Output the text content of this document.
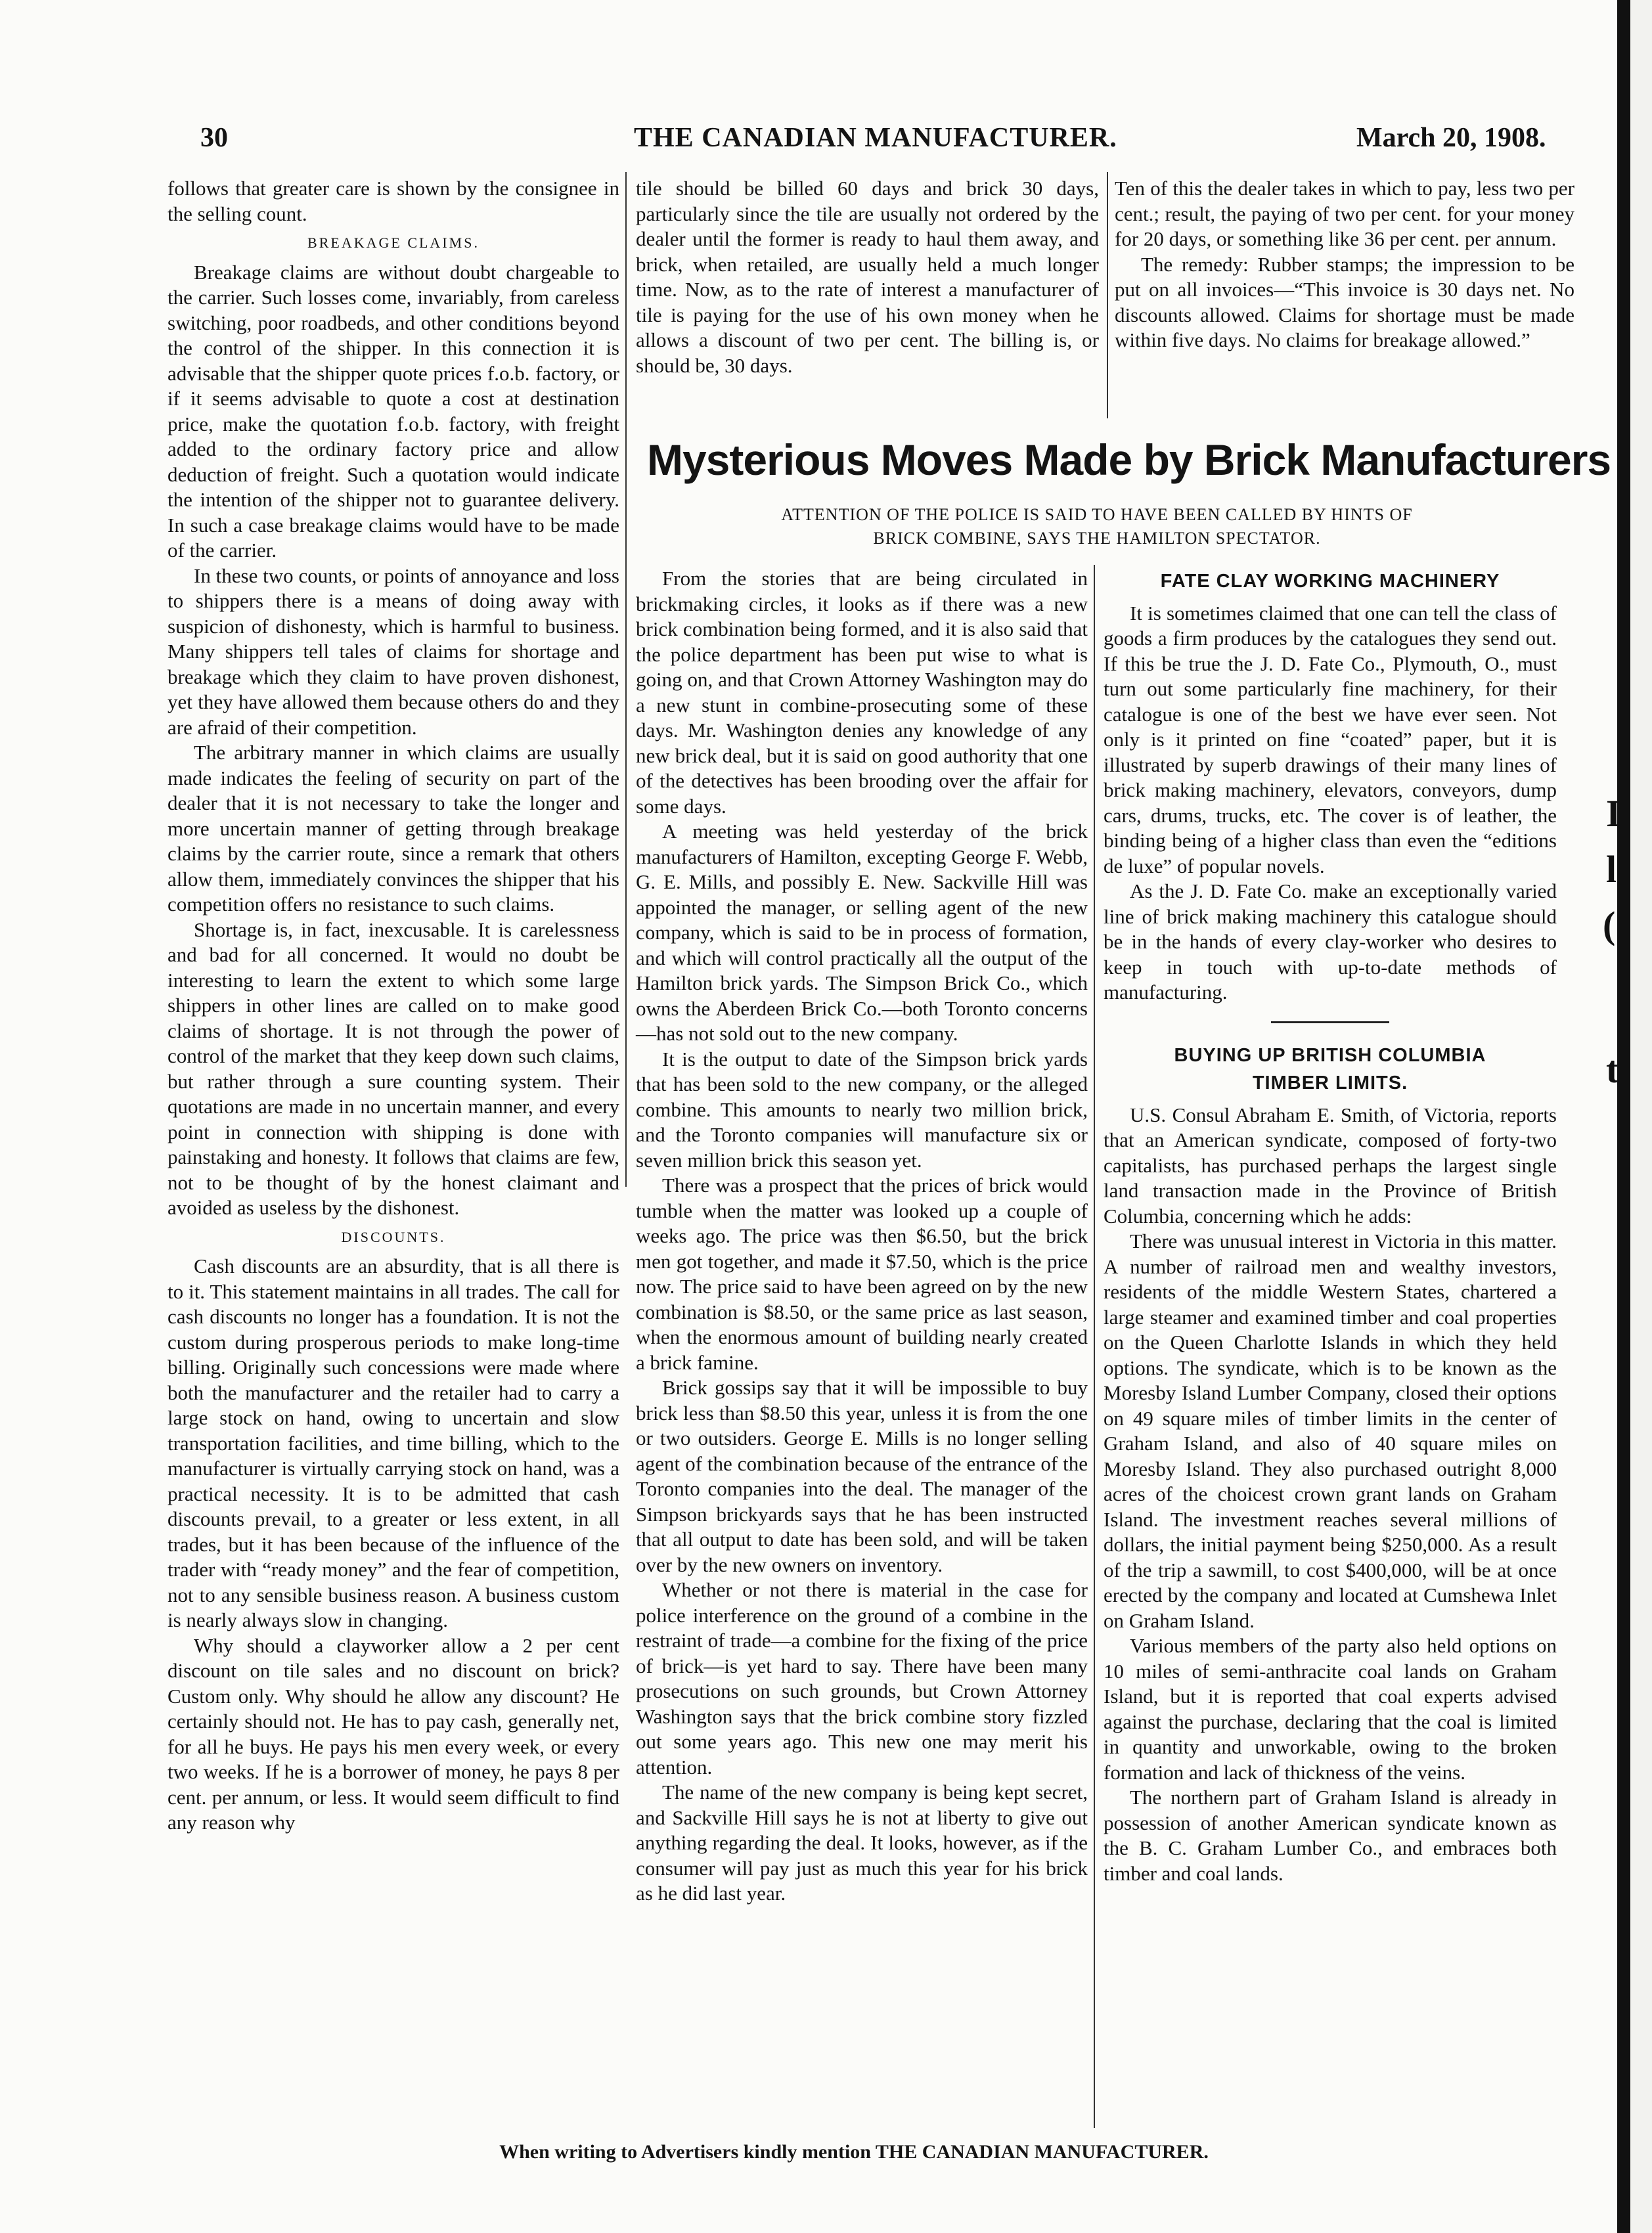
I
l
(
t
30	THE CANADIAN MANUFACTURER.	March 20, 1908.

follows that greater care is shown by the consignee in the selling count.

BREAKAGE CLAIMS.

Breakage claims are without doubt chargeable to the carrier. Such losses come, invariably, from careless switching, poor roadbeds, and other conditions beyond the control of the shipper. In this connection it is advisable that the shipper quote prices f.o.b. factory, or if it seems advisable to quote a cost at destination price, make the quotation f.o.b. factory, with freight added to the ordinary factory price and allow deduction of freight. Such a quotation would indicate the intention of the shipper not to guarantee delivery. In such a case breakage claims would have to be made of the carrier.

In these two counts, or points of annoyance and loss to shippers there is a means of doing away with suspicion of dishonesty, which is harmful to business. Many shippers tell tales of claims for shortage and breakage which they claim to have proven dishonest, yet they have allowed them because others do and they are afraid of their competition.

The arbitrary manner in which claims are usually made indicates the feeling of security on part of the dealer that it is not necessary to take the longer and more uncertain manner of getting through breakage claims by the carrier route, since a remark that others allow them, immediately convinces the shipper that his competition offers no resistance to such claims.

Shortage is, in fact, inexcusable. It is carelessness and bad for all concerned. It would no doubt be interesting to learn the extent to which some large shippers in other lines are called on to make good claims of shortage. It is not through the power of control of the market that they keep down such claims, but rather through a sure counting system. Their quotations are made in no uncertain manner, and every point in connection with shipping is done with painstaking and honesty. It follows that claims are few, not to be thought of by the honest claimant and avoided as useless by the dishonest.

DISCOUNTS.

Cash discounts are an absurdity, that is all there is to it. This statement maintains in all trades. The call for cash discounts no longer has a foundation. It is not the custom during prosperous periods to make long-time billing. Originally such concessions were made where both the manufacturer and the retailer had to carry a large stock on hand, owing to uncertain and slow transportation facilities, and time billing, which to the manufacturer is virtually carrying stock on hand, was a practical necessity. It is to be admitted that cash discounts prevail, to a greater or less extent, in all trades, but it has been because of the influence of the trader with “ready money” and the fear of competition, not to any sensible business reason. A business custom is nearly always slow in changing.

Why should a clayworker allow a 2 per cent discount on tile sales and no discount on brick? Custom only. Why should he allow any discount? He certainly should not. He has to pay cash, generally net, for all he buys. He pays his men every week, or every two weeks. If he is a borrower of money, he pays 8 per cent. per annum, or less. It would seem difficult to find any reason why

tile should be billed 60 days and brick 30 days, particularly since the tile are usually not ordered by the dealer until the former is ready to haul them away, and brick, when retailed, are usually held a much longer time. Now, as to the rate of interest a manufacturer of tile is paying for the use of his own money when he allows a discount of two per cent. The billing is, or should be, 30 days.

Ten of this the dealer takes in which to pay, less two per cent.; result, the paying of two per cent. for your money for 20 days, or something like 36 per cent. per annum.

The remedy: Rubber stamps; the impression to be put on all invoices—“This invoice is 30 days net. No discounts allowed. Claims for shortage must be made within five days. No claims for breakage allowed.”

Mysterious Moves Made by Brick Manufacturers
ATTENTION OF THE POLICE IS SAID TO HAVE BEEN CALLED BY HINTS OF
BRICK COMBINE, SAYS THE HAMILTON SPECTATOR.

From the stories that are being circulated in brickmaking circles, it looks as if there was a new brick combination being formed, and it is also said that the police department has been put wise to what is going on, and that Crown Attorney Washington may do a new stunt in combine-prosecuting some of these days. Mr. Washington denies any knowledge of any new brick deal, but it is said on good authority that one of the detectives has been brooding over the affair for some days.

A meeting was held yesterday of the brick manufacturers of Hamilton, excepting George F. Webb, G. E. Mills, and possibly E. New. Sackville Hill was appointed the manager, or selling agent of the new company, which is said to be in process of formation, and which will control practically all the output of the Hamilton brick yards. The Simpson Brick Co., which owns the Aberdeen Brick Co.—both Toronto concerns—has not sold out to the new company.

It is the output to date of the Simpson brick yards that has been sold to the new company, or the alleged combine. This amounts to nearly two million brick, and the Toronto companies will manufacture six or seven million brick this season yet.

There was a prospect that the prices of brick would tumble when the matter was looked up a couple of weeks ago. The price was then $6.50, but the brick men got together, and made it $7.50, which is the price now. The price said to have been agreed on by the new combination is $8.50, or the same price as last season, when the enormous amount of building nearly created a brick famine.

Brick gossips say that it will be impossible to buy brick less than $8.50 this year, unless it is from the one or two outsiders. George E. Mills is no longer selling agent of the combination because of the entrance of the Toronto companies into the deal. The manager of the Simpson brickyards says that he has been instructed that all output to date has been sold, and will be taken over by the new owners on inventory.

Whether or not there is material in the case for police interference on the ground of a combine in the restraint of trade—a combine for the fixing of the price of brick—is yet hard to say. There have been many prosecutions on such grounds, but Crown Attorney Washington says that the brick combine story fizzled out some years ago. This new one may merit his attention.

The name of the new company is being kept secret, and Sackville Hill says he is not at liberty to give out anything regarding the deal. It looks, however, as if the consumer will pay just as much this year for his brick as he did last year.

FATE CLAY WORKING MACHINERY

It is sometimes claimed that one can tell the class of goods a firm produces by the catalogues they send out. If this be true the J. D. Fate Co., Plymouth, O., must turn out some particularly fine machinery, for their catalogue is one of the best we have ever seen. Not only is it printed on fine “coated” paper, but it is illustrated by superb drawings of their many lines of brick making machinery, elevators, conveyors, dump cars, drums, trucks, etc. The cover is of leather, the binding being of a higher class than even the “editions de luxe” of popular novels.

As the J. D. Fate Co. make an exceptionally varied line of brick making machinery this catalogue should be in the hands of every clay-worker who desires to keep in touch with up-to-date methods of manufacturing.

BUYING UP BRITISH COLUMBIA
TIMBER LIMITS.

U.S. Consul Abraham E. Smith, of Victoria, reports that an American syndicate, composed of forty-two capitalists, has purchased perhaps the largest single land transaction made in the Province of British Columbia, concerning which he adds:

There was unusual interest in Victoria in this matter. A number of railroad men and wealthy investors, residents of the middle Western States, chartered a large steamer and examined timber and coal properties on the Queen Charlotte Islands in which they held options. The syndicate, which is to be known as the Moresby Island Lumber Company, closed their options on 49 square miles of timber limits in the center of Graham Island, and also of 40 square miles on Moresby Island. They also purchased outright 8,000 acres of the choicest crown grant lands on Graham Island. The investment reaches several millions of dollars, the initial payment being $250,000. As a result of the trip a sawmill, to cost $400,000, will be at once erected by the company and located at Cumshewa Inlet on Graham Island.

Various members of the party also held options on 10 miles of semi-anthracite coal lands on Graham Island, but it is reported that coal experts advised against the purchase, declaring that the coal is limited in quantity and unworkable, owing to the broken formation and lack of thickness of the veins.

The northern part of Graham Island is already in possession of another American syndicate known as the B. C. Graham Lumber Co., and embraces both timber and coal lands.

When writing to Advertisers kindly mention THE CANADIAN MANUFACTURER.
